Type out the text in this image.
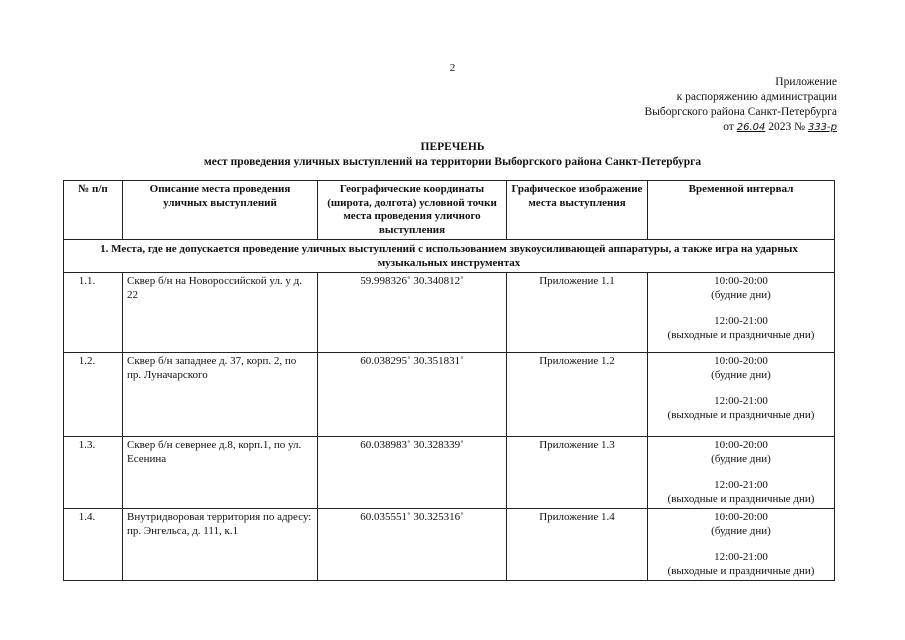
2
Приложение
к распоряжению администрации
Выборгского района Санкт-Петербурга
от 26.04 2023 № 333-р
ПЕРЕЧЕНЬ
мест проведения уличных выступлений на территории Выборгского района Санкт-Петербурга
№ п/п	Описание места проведения уличных выступлений	Географические координаты (широта, долгота) условной точки места проведения уличного выступления	Графическое изображение места выступления	Временной интервал
1. Места, где не допускается проведение уличных выступлений с использованием звукоусиливающей аппаратуры, а также игра на ударных музыкальных инструментах				
1.1.	Сквер б/н на Новороссийской ул. у д. 22	59.998326˚ 30.340812˚	Приложение 1.1	10:00-20:00
(будние дни)
12:00-21:00
(выходные и праздничные дни)

1.2.	Сквер б/н западнее д. 37, корп. 2, по пр. Луначарского	60.038295˚ 30.351831˚	Приложение 1.2	10:00-20:00
(будние дни)
12:00-21:00
(выходные и праздничные дни)

1.3.	Сквер б/н севернее д.8, корп.1, по ул. Есенина	60.038983˚ 30.328339˚	Приложение 1.3	10:00-20:00
(будние дни)
12:00-21:00
(выходные и праздничные дни)

1.4.	Внутридворовая территория по адресу: пр. Энгельса, д. 111, к.1	60.035551˚ 30.325316˚	Приложение 1.4	10:00-20:00
(будние дни)
12:00-21:00
(выходные и праздничные дни)
